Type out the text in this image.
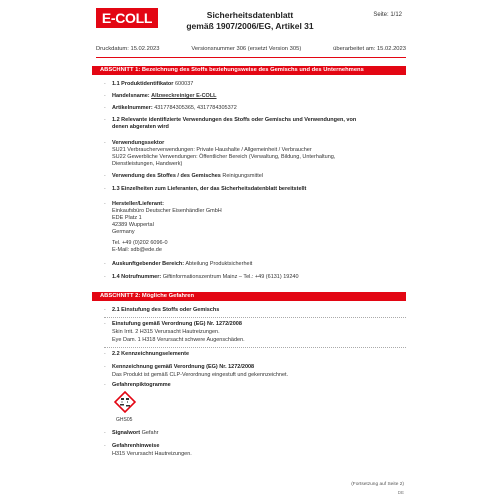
E-COLL	Sicherheitsdatenblatt
gemäß 1907/2006/EG, Artikel 31
Seite: 1/12
Druckdatum: 15.02.2023	Versionsnummer 306 (ersetzt Version 305)	überarbeitet am: 15.02.2023
ABSCHNITT 1: Bezeichnung des Stoffs beziehungsweise des Gemischs und des Unternehmens
· 1.1 Produktidentifikator 600037
· Handelsname: Allzweckreiniger E-COLL
· Artikelnummer: 4317784305365, 4317784305372
· 1.2 Relevante identifizierte Verwendungen des Stoffs oder Gemischs und Verwendungen, von
denen abgeraten wird
· Verwendungssektor
SU21 Verbraucherverwendungen: Private Haushalte / Allgemeinheit / Verbraucher
SU22 Gewerbliche Verwendungen: Öffentlicher Bereich (Verwaltung, Bildung, Unterhaltung,
Dienstleistungen, Handwerk)
· Verwendung des Stoffes / des Gemisches Reinigungsmittel
· 1.3 Einzelheiten zum Lieferanten, der das Sicherheitsdatenblatt bereitstellt
· Hersteller/Lieferant:
Einkaufsbüro Deutscher Eisenhändler GmbH
EDE Platz 1
42389 Wuppertal
Germany
Tel. +49 (0)202 6096-0
E-Mail: sdb@ede.de
· Auskunftgebender Bereich: Abteilung Produktsicherheit
· 1.4 Notrufnummer: Giftinformationszentrum Mainz – Tel.: +49 (6131) 19240
ABSCHNITT 2: Mögliche Gefahren
· 2.1 Einstufung des Stoffs oder Gemischs
· Einstufung gemäß Verordnung (EG) Nr. 1272/2008
Skin Irrit. 2 H315 Verursacht Hautreizungen.
Eye Dam. 1 H318 Verursacht schwere Augenschäden.
· 2.2 Kennzeichnungselemente
· Kennzeichnung gemäß Verordnung (EG) Nr. 1272/2008
Das Produkt ist gemäß CLP-Verordnung eingestuft und gekennzeichnet.
· Gefahrenpiktogramme
GHS05
· Signalwort Gefahr
· Gefahrenhinweise
H315 Verursacht Hautreizungen.
(Fortsetzung auf Seite 2)
DE
